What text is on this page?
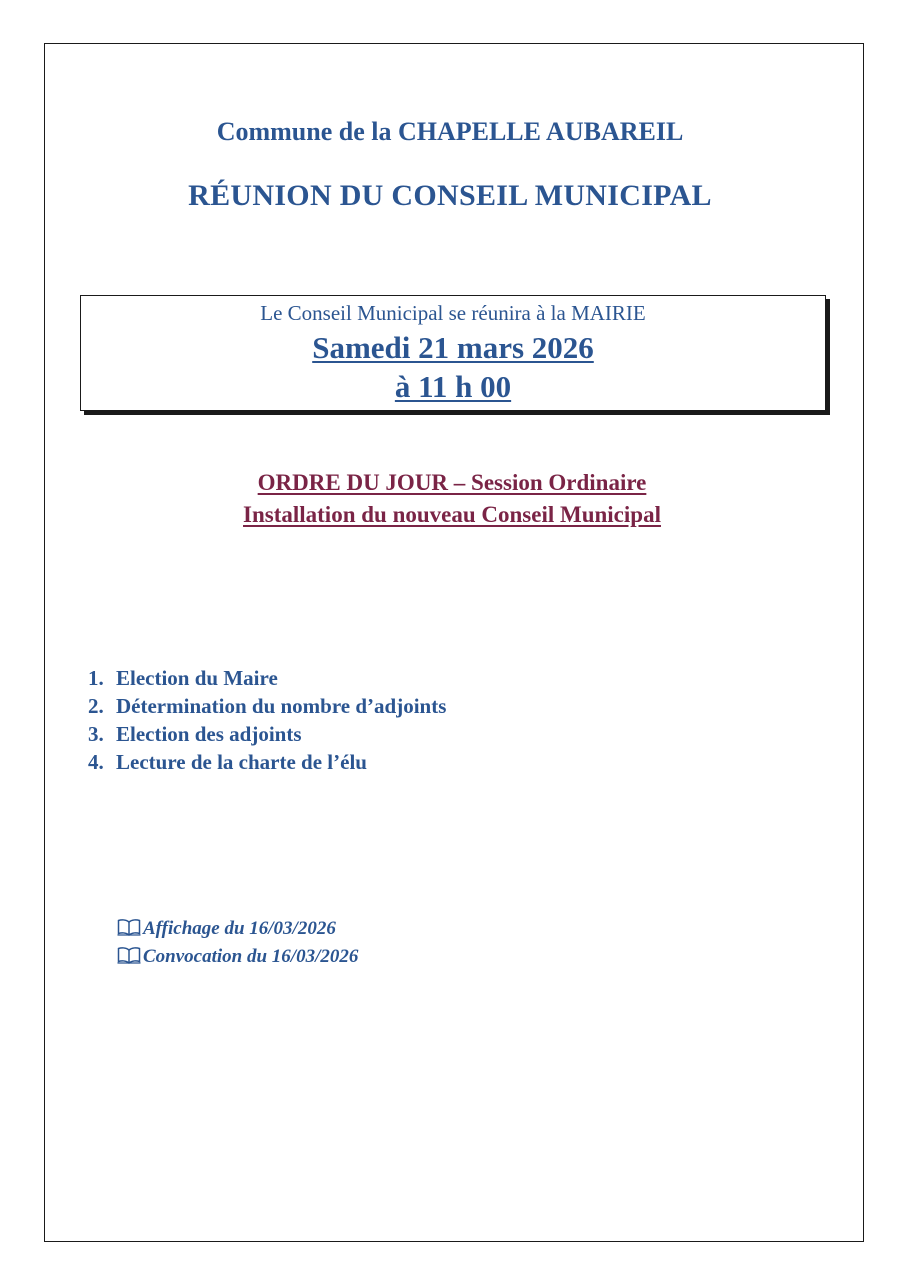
Commune de la CHAPELLE AUBAREIL
RÉUNION DU CONSEIL MUNICIPAL
Le Conseil Municipal se réunira à la MAIRIE
Samedi 21 mars 2026
à 11 h 00
ORDRE DU JOUR – Session Ordinaire
Installation du nouveau Conseil Municipal
1. Election du Maire
2. Détermination du nombre d’adjoints
3. Election des adjoints
4. Lecture de la charte de l’élu
Affichage du 16/03/2026
Convocation du 16/03/2026
